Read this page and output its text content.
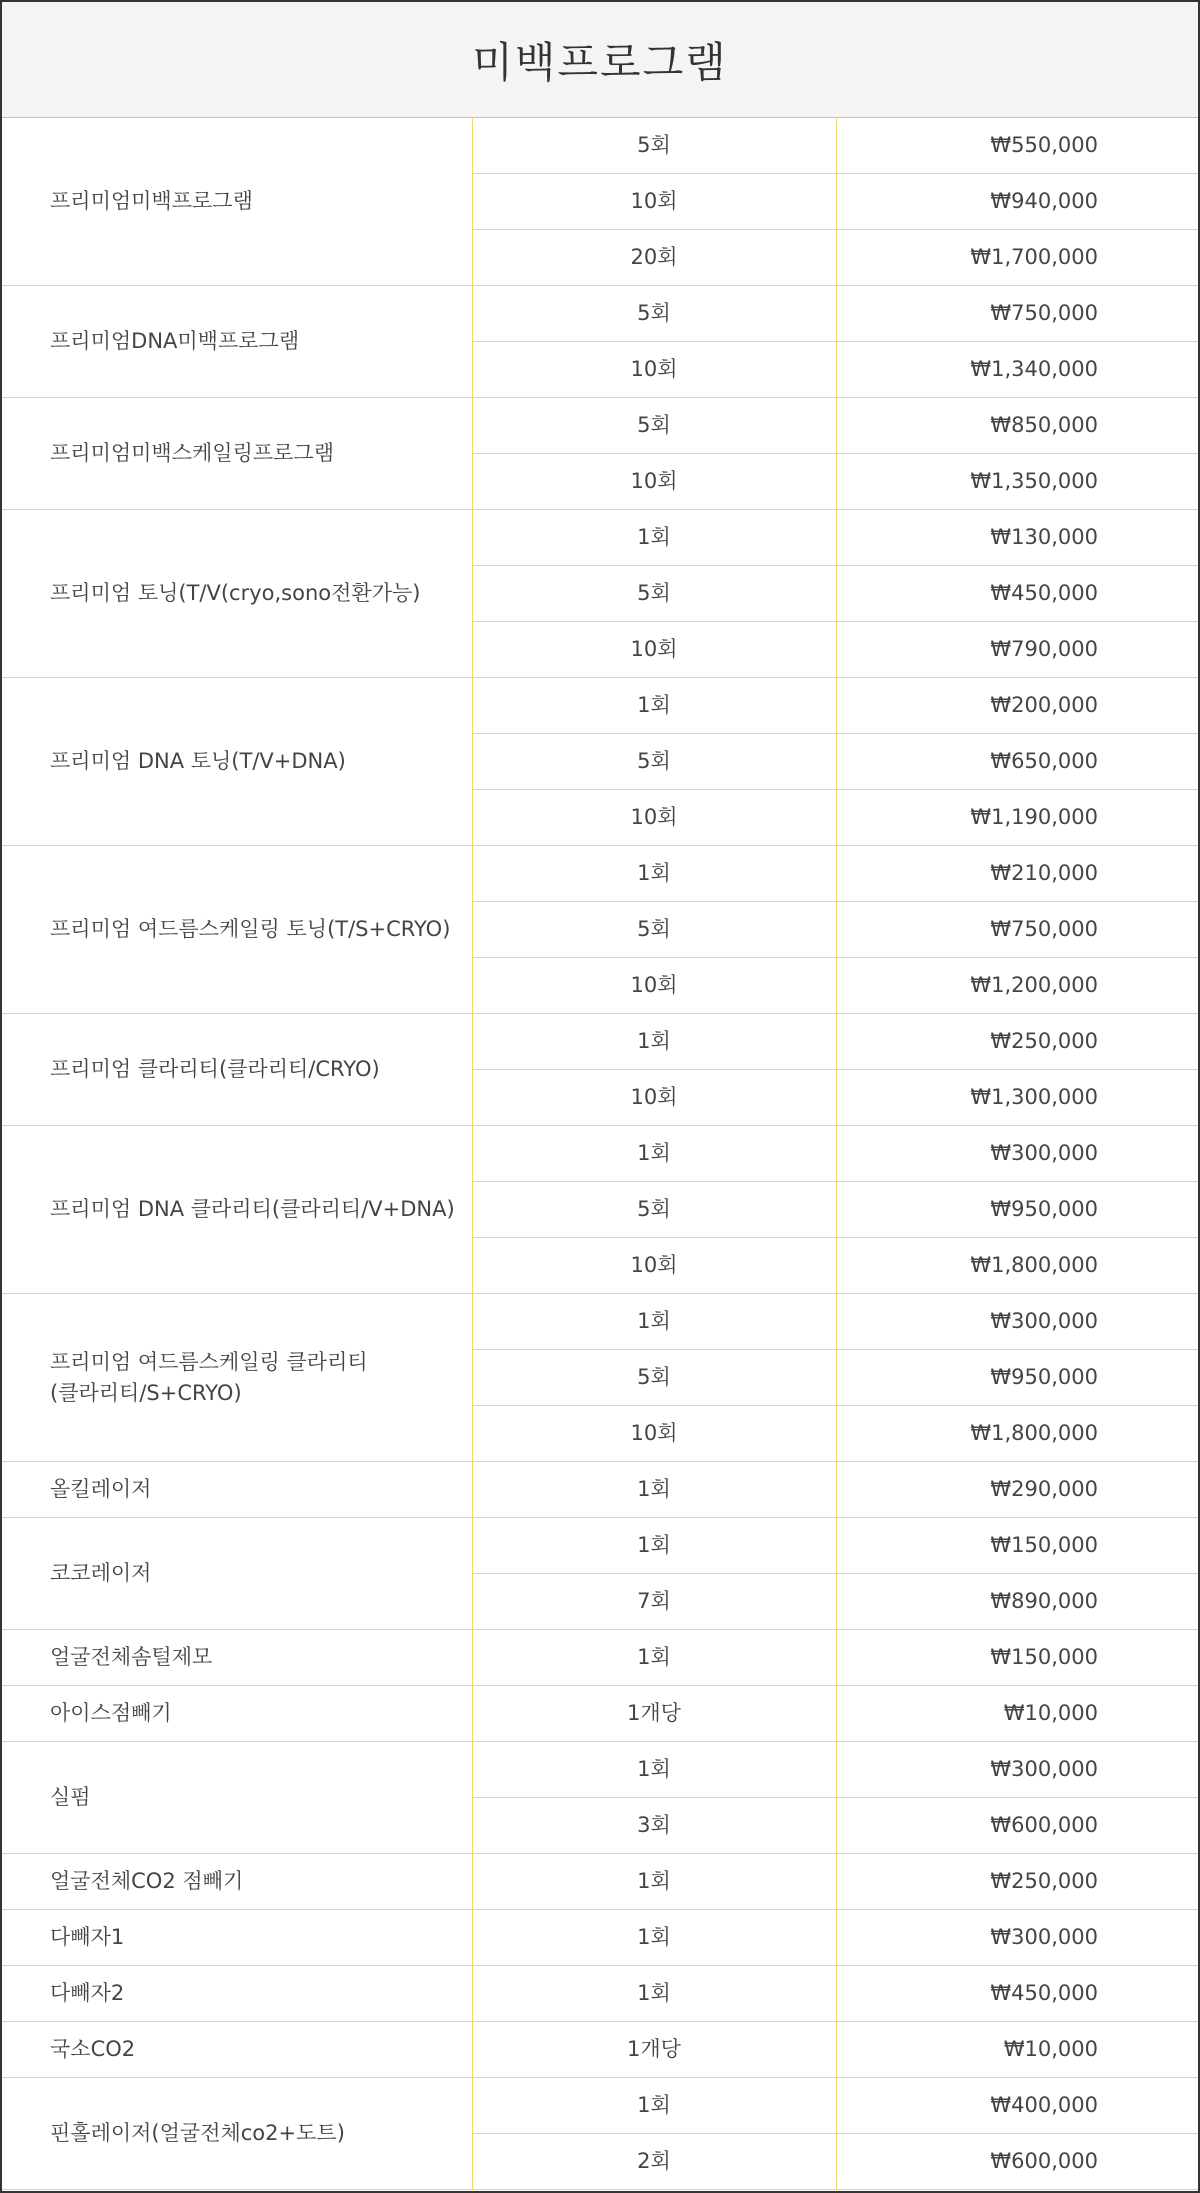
미백프로그램
프리미엄미백프로그램	5회	₩550,000
	10회	₩940,000
	20회	₩1,700,000

프리미엄DNA미백프로그램	5회	₩750,000
	10회	₩1,340,000

프리미엄미백스케일링프로그램	5회	₩850,000
	10회	₩1,350,000

프리미엄 토닝(T/V(cryo,sono전환가능)	1회	₩130,000
	5회	₩450,000
	10회	₩790,000

프리미엄 DNA 토닝(T/V+DNA)	1회	₩200,000
	5회	₩650,000
	10회	₩1,190,000

프리미엄 여드름스케일링 토닝(T/S+CRYO)	1회	₩210,000
	5회	₩750,000
	10회	₩1,200,000

프리미엄 클라리티(클라리티/CRYO)	1회	₩250,000
	10회	₩1,300,000

프리미엄 DNA 클라리티(클라리티/V+DNA)	1회	₩300,000
	5회	₩950,000
	10회	₩1,800,000

프리미엄 여드름스케일링 클라리티
(클라리티/S+CRYO)	1회	₩300,000
	5회	₩950,000
	10회	₩1,800,000

올킬레이저	1회	₩290,000

코코레이저	1회	₩150,000
	7회	₩890,000

얼굴전체솜털제모	1회	₩150,000

아이스점빼기	1개당	₩10,000

실펌	1회	₩300,000
	3회	₩600,000

얼굴전체CO2 점빼기	1회	₩250,000

다빼자1	1회	₩300,000

다빼자2	1회	₩450,000

국소CO2	1개당	₩10,000

핀홀레이저(얼굴전체co2+도트)	1회	₩400,000
	2회	₩600,000
